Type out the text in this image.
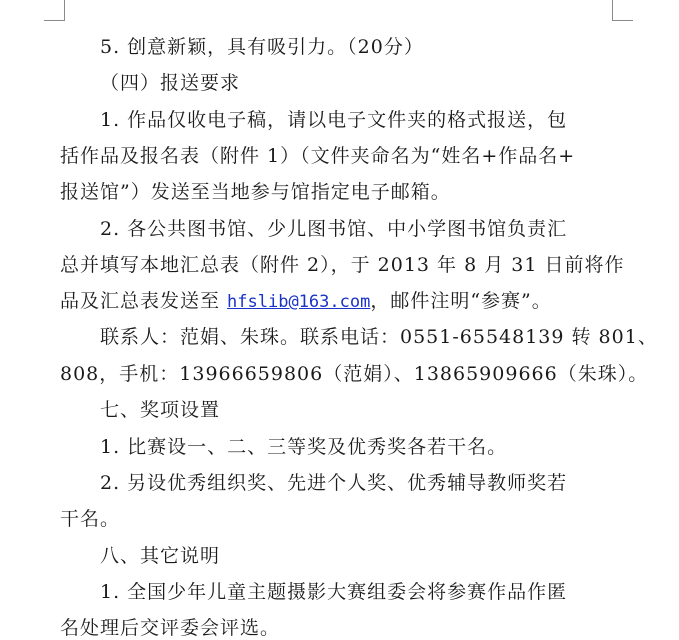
5. 创意新颖，具有吸引力。（20分）
（四）报送要求
1. 作品仅收电子稿，请以电子文件夹的格式报送，包
括作品及报名表（附件 1）（文件夹命名为“姓名+作品名+
报送馆”）发送至当地参与馆指定电子邮箱。
2. 各公共图书馆、少儿图书馆、中小学图书馆负责汇
总并填写本地汇总表（附件 2），于 2013 年 8 月 31 日前将作
品及汇总表发送至 hfslib@163.com，邮件注明“参赛”。
联系人：范娟、朱珠。联系电话：0551-65548139 转 801、
808，手机：13966659806（范娟）、13865909666（朱珠）。
七、奖项设置
1. 比赛设一、二、三等奖及优秀奖各若干名。
2. 另设优秀组织奖、先进个人奖、优秀辅导教师奖若
干名。
八、其它说明
1. 全国少年儿童主题摄影大赛组委会将参赛作品作匿
名处理后交评委会评选。
